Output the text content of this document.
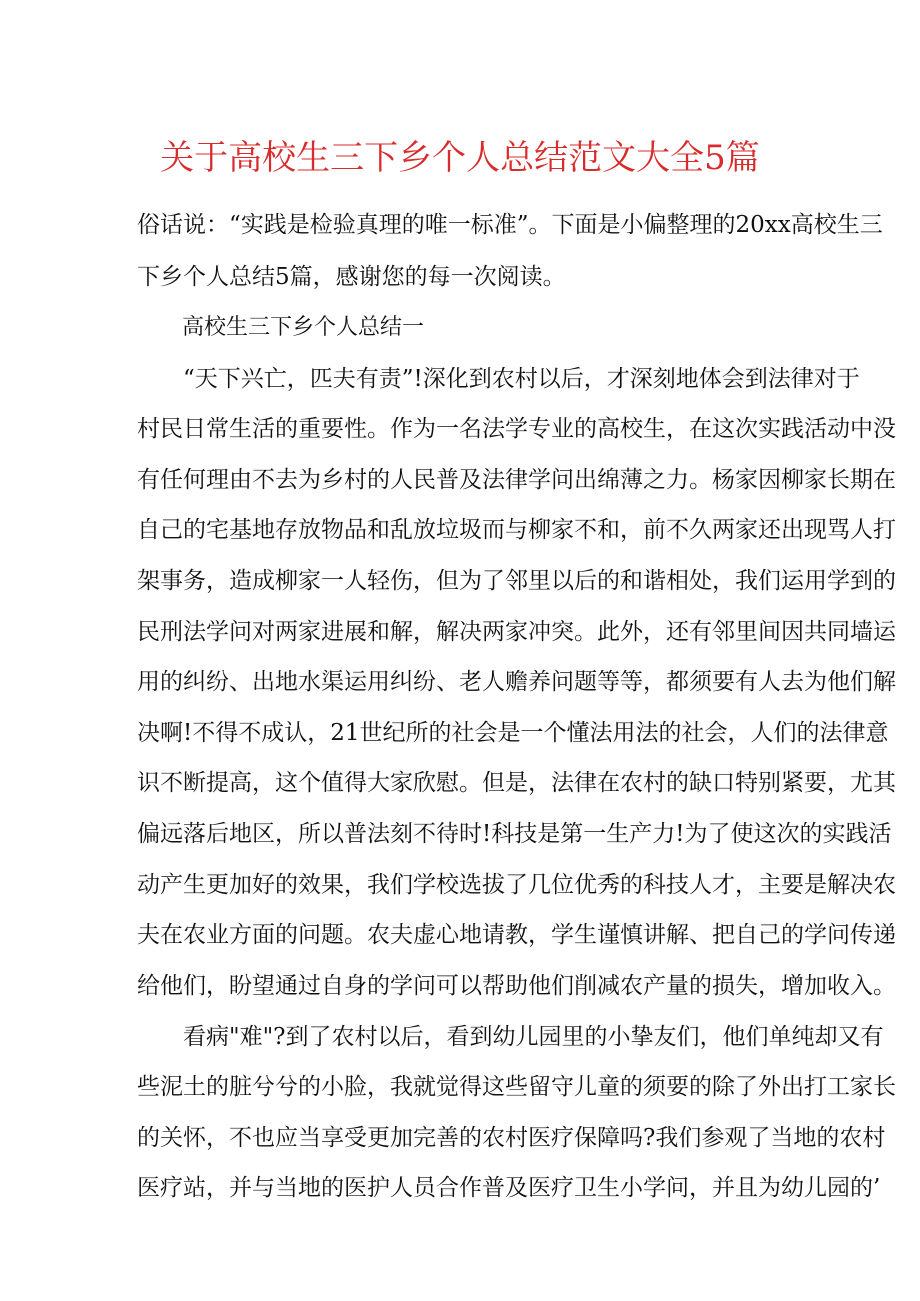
关于高校生三下乡个人总结范文大全5篇
俗话说：“实践是检验真理的唯一标准”。下面是小偏整理的20xx高校生三
下乡个人总结5篇，感谢您的每一次阅读。
高校生三下乡个人总结一
“天下兴亡，匹夫有责”!深化到农村以后，才深刻地体会到法律对于
村民日常生活的重要性。作为一名法学专业的高校生，在这次实践活动中没
有任何理由不去为乡村的人民普及法律学问出绵薄之力。杨家因柳家长期在
自己的宅基地存放物品和乱放垃圾而与柳家不和，前不久两家还出现骂人打
架事务，造成柳家一人轻伤，但为了邻里以后的和谐相处，我们运用学到的
民刑法学问对两家进展和解，解决两家冲突。此外，还有邻里间因共同墙运
用的纠纷、出地水渠运用纠纷、老人赡养问题等等，都须要有人去为他们解
决啊!不得不成认，21世纪所的社会是一个懂法用法的社会，人们的法律意
识不断提高，这个值得大家欣慰。但是，法律在农村的缺口特别紧要，尤其
偏远落后地区，所以普法刻不待时!科技是第一生产力!为了使这次的实践活
动产生更加好的效果，我们学校选拔了几位优秀的科技人才，主要是解决农
夫在农业方面的问题。农夫虚心地请教，学生谨慎讲解、把自己的学问传递
给他们，盼望通过自身的学问可以帮助他们削减农产量的损失，增加收入。
看病"难"?到了农村以后，看到幼儿园里的小挚友们，他们单纯却又有
些泥土的脏兮兮的小脸，我就觉得这些留守儿童的须要的除了外出打工家长
的关怀，不也应当享受更加完善的农村医疗保障吗?我们参观了当地的农村
医疗站，并与当地的医护人员合作普及医疗卫生小学问，并且为幼儿园的’
